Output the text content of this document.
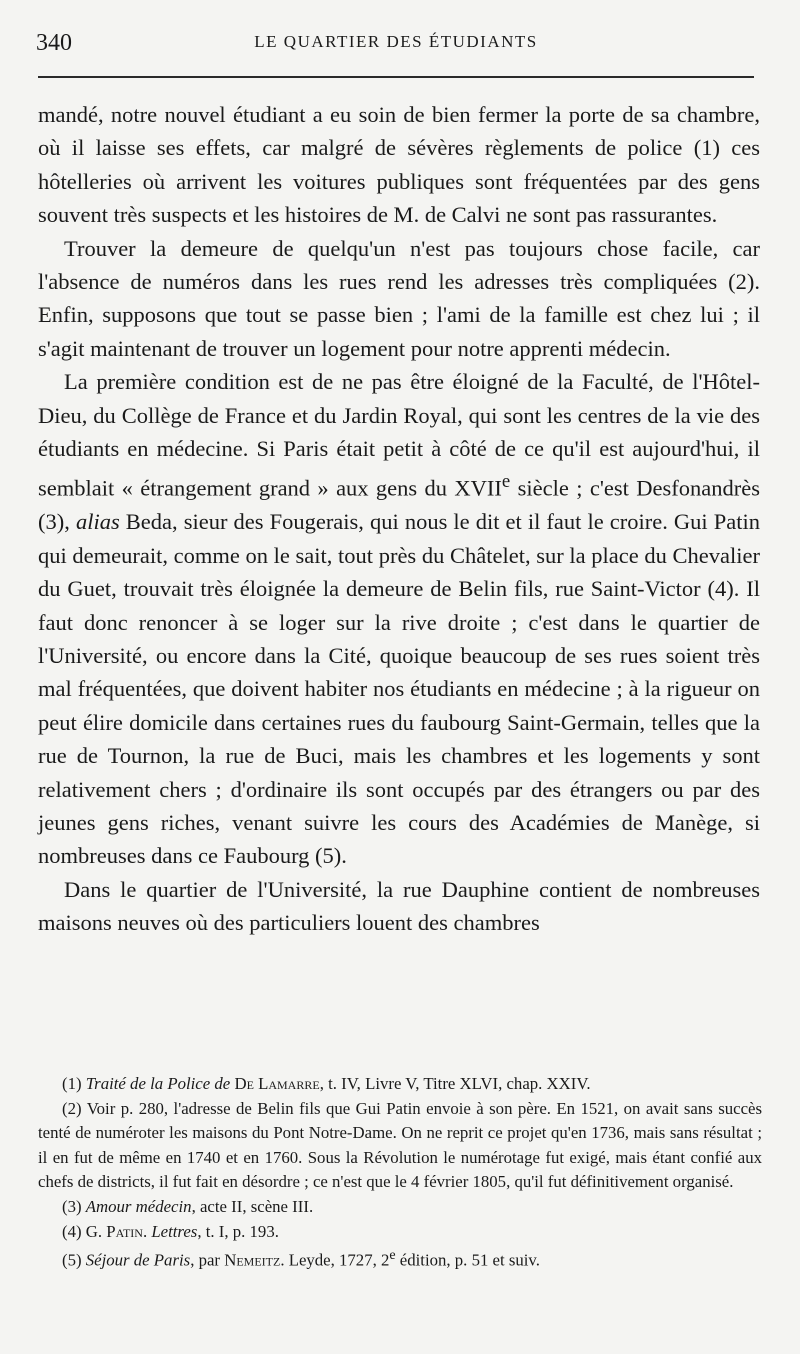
340	LE QUARTIER DES ÉTUDIANTS

mandé, notre nouvel étudiant a eu soin de bien fermer la porte de sa chambre, où il laisse ses effets, car malgré de sévères règlements de police (1) ces hôtelleries où arrivent les voitures publiques sont fréquentées par des gens souvent très suspects et les histoires de M. de Calvi ne sont pas rassurantes.

Trouver la demeure de quelqu'un n'est pas toujours chose facile, car l'absence de numéros dans les rues rend les adresses très compliquées (2). Enfin, supposons que tout se passe bien ; l'ami de la famille est chez lui ; il s'agit maintenant de trouver un logement pour notre apprenti médecin.

La première condition est de ne pas être éloigné de la Faculté, de l'Hôtel-Dieu, du Collège de France et du Jardin Royal, qui sont les centres de la vie des étudiants en médecine. Si Paris était petit à côté de ce qu'il est aujourd'hui, il semblait « étrangement grand » aux gens du XVIIe siècle ; c'est Desfonandrès (3), alias Beda, sieur des Fougerais, qui nous le dit et il faut le croire. Gui Patin qui demeurait, comme on le sait, tout près du Châtelet, sur la place du Chevalier du Guet, trouvait très éloignée la demeure de Belin fils, rue Saint-Victor (4). Il faut donc renoncer à se loger sur la rive droite ; c'est dans le quartier de l'Université, ou encore dans la Cité, quoique beaucoup de ses rues soient très mal fréquentées, que doivent habiter nos étudiants en médecine ; à la rigueur on peut élire domicile dans certaines rues du faubourg Saint-Germain, telles que la rue de Tournon, la rue de Buci, mais les chambres et les logements y sont relativement chers ; d'ordinaire ils sont occupés par des étrangers ou par des jeunes gens riches, venant suivre les cours des Académies de Manège, si nombreuses dans ce Faubourg (5).

Dans le quartier de l'Université, la rue Dauphine contient de nombreuses maisons neuves où des particuliers louent des chambres

(1) Traité de la Police de De Lamarre, t. IV, Livre V, Titre XLVI, chap. XXIV.

(2) Voir p. 280, l'adresse de Belin fils que Gui Patin envoie à son père. En 1521, on avait sans succès tenté de numéroter les maisons du Pont Notre-Dame. On ne reprit ce projet qu'en 1736, mais sans résultat ; il en fut de même en 1740 et en 1760. Sous la Révolution le numérotage fut exigé, mais étant confié aux chefs de districts, il fut fait en désordre ; ce n'est que le 4 février 1805, qu'il fut définitivement organisé.

(3) Amour médecin, acte II, scène III.

(4) G. Patin. Lettres, t. I, p. 193.

(5) Séjour de Paris, par Nemeitz. Leyde, 1727, 2e édition, p. 51 et suiv.
